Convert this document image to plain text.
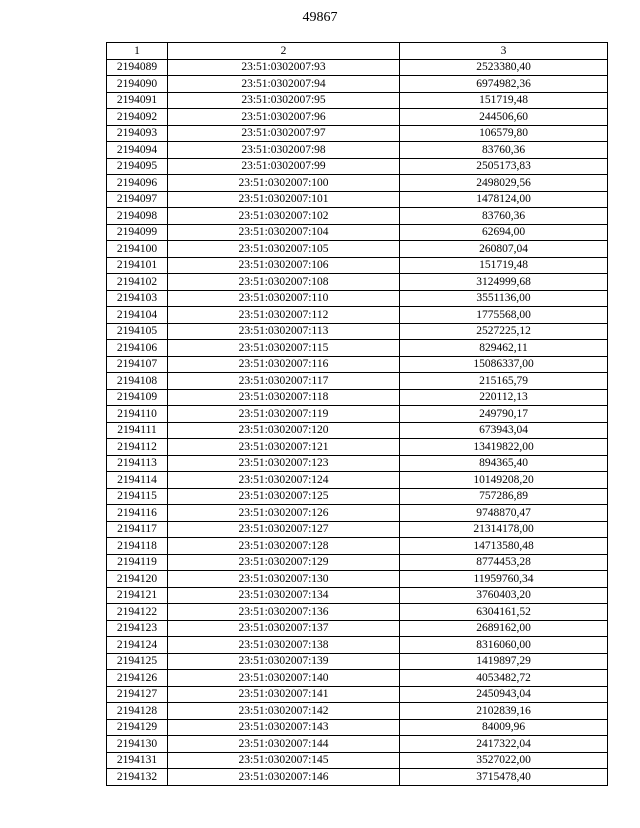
49867
1	2	3
2194089	23:51:0302007:93	2523380,40
2194090	23:51:0302007:94	6974982,36
2194091	23:51:0302007:95	151719,48
2194092	23:51:0302007:96	244506,60
2194093	23:51:0302007:97	106579,80
2194094	23:51:0302007:98	83760,36
2194095	23:51:0302007:99	2505173,83
2194096	23:51:0302007:100	2498029,56
2194097	23:51:0302007:101	1478124,00
2194098	23:51:0302007:102	83760,36
2194099	23:51:0302007:104	62694,00
2194100	23:51:0302007:105	260807,04
2194101	23:51:0302007:106	151719,48
2194102	23:51:0302007:108	3124999,68
2194103	23:51:0302007:110	3551136,00
2194104	23:51:0302007:112	1775568,00
2194105	23:51:0302007:113	2527225,12
2194106	23:51:0302007:115	829462,11
2194107	23:51:0302007:116	15086337,00
2194108	23:51:0302007:117	215165,79
2194109	23:51:0302007:118	220112,13
2194110	23:51:0302007:119	249790,17
2194111	23:51:0302007:120	673943,04
2194112	23:51:0302007:121	13419822,00
2194113	23:51:0302007:123	894365,40
2194114	23:51:0302007:124	10149208,20
2194115	23:51:0302007:125	757286,89
2194116	23:51:0302007:126	9748870,47
2194117	23:51:0302007:127	21314178,00
2194118	23:51:0302007:128	14713580,48
2194119	23:51:0302007:129	8774453,28
2194120	23:51:0302007:130	11959760,34
2194121	23:51:0302007:134	3760403,20
2194122	23:51:0302007:136	6304161,52
2194123	23:51:0302007:137	2689162,00
2194124	23:51:0302007:138	8316060,00
2194125	23:51:0302007:139	1419897,29
2194126	23:51:0302007:140	4053482,72
2194127	23:51:0302007:141	2450943,04
2194128	23:51:0302007:142	2102839,16
2194129	23:51:0302007:143	84009,96
2194130	23:51:0302007:144	2417322,04
2194131	23:51:0302007:145	3527022,00
2194132	23:51:0302007:146	3715478,40
